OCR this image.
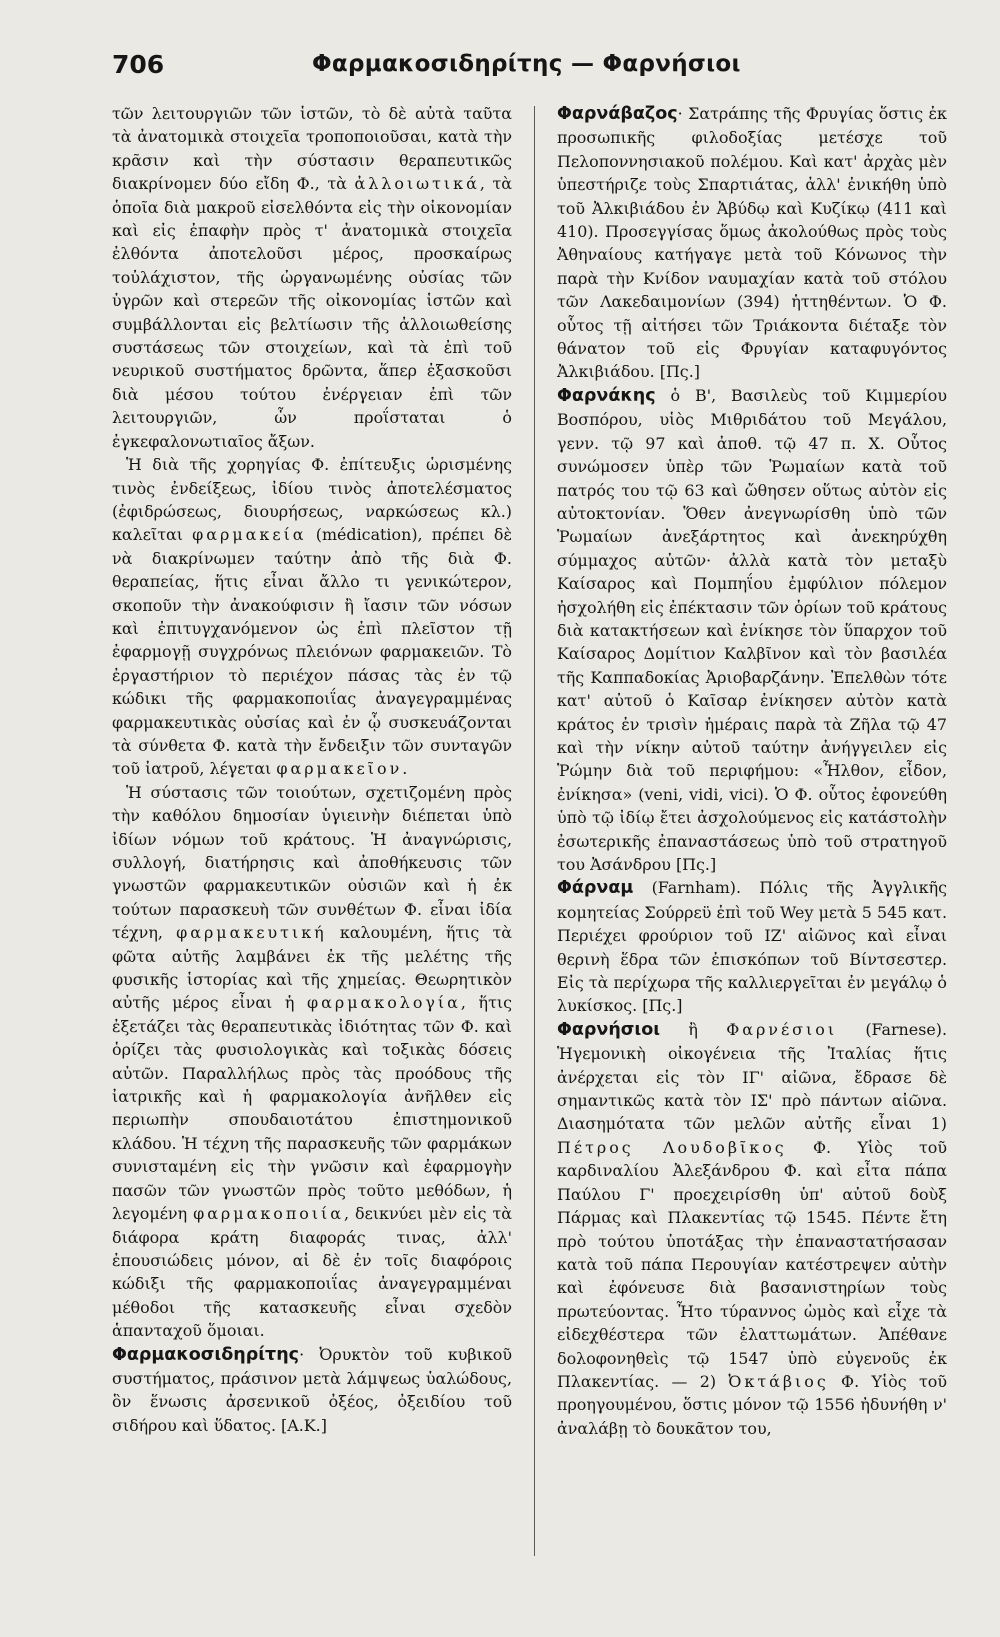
706	Φαρμακοσιδηρίτης — Φαρνήσιοι

τῶν λειτουργιῶν τῶν ἱστῶν, τὸ δὲ αὐτὰ ταῦτα τὰ ἀνατομικὰ στοιχεῖα τροποποιοῦσαι, κατὰ τὴν κρᾶσιν καὶ τὴν σύστασιν θεραπευτικῶς διακρίνομεν δύο εἴδη Φ., τὰ ἀλλοιωτικά, τὰ ὁποῖα διὰ μακροῦ εἰσελθόντα εἰς τὴν οἰκονομίαν καὶ εἰς ἐπαφὴν πρὸς τ' ἀνατομικὰ στοιχεῖα ἐλθόντα ἀποτελοῦσι μέρος, προσκαίρως τοὐλάχιστον, τῆς ὠργανωμένης οὐσίας τῶν ὑγρῶν καὶ στερεῶν τῆς οἰκονομίας ἱστῶν καὶ συμβάλλονται εἰς βελτίωσιν τῆς ἀλλοιωθείσης συστάσεως τῶν στοιχείων, καὶ τὰ ἐπὶ τοῦ νευρικοῦ συστήματος δρῶντα, ἅπερ ἐξασκοῦσι διὰ μέσου τούτου ἐνέργειαν ἐπὶ τῶν λειτουργιῶν, ὧν προΐσταται ὁ ἐγκεφαλονωτιαῖος ἄξων.

Ἡ διὰ τῆς χορηγίας Φ. ἐπίτευξις ὡρισμένης τινὸς ἐνδείξεως, ἰδίου τινὸς ἀποτελέσματος (ἐφιδρώσεως, διουρήσεως, ναρκώσεως κλ.) καλεῖται φαρμακεία (médication), πρέπει δὲ νὰ διακρίνωμεν ταύτην ἀπὸ τῆς διὰ Φ. θεραπείας, ἥτις εἶναι ἄλλο τι γενικώτερον, σκοποῦν τὴν ἀνακούφισιν ἢ ἴασιν τῶν νόσων καὶ ἐπιτυγχανόμενον ὡς ἐπὶ πλεῖστον τῇ ἐφαρμογῇ συγχρόνως πλειόνων φαρμακειῶν. Τὸ ἐργαστήριον τὸ περιέχον πάσας τὰς ἐν τῷ κώδικι τῆς φαρμακοποιΐας ἀναγεγραμμένας φαρμακευτικὰς οὐσίας καὶ ἐν ᾧ συσκευάζονται τὰ σύνθετα Φ. κατὰ τὴν ἔνδειξιν τῶν συνταγῶν τοῦ ἰατροῦ, λέγεται φαρμακεῖον.

Ἡ σύστασις τῶν τοιούτων, σχετιζομένη πρὸς τὴν καθόλου δημοσίαν ὑγιεινὴν διέπεται ὑπὸ ἰδίων νόμων τοῦ κράτους. Ἡ ἀναγνώρισις, συλλογή, διατήρησις καὶ ἀποθήκευσις τῶν γνωστῶν φαρμακευτικῶν οὐσιῶν καὶ ἡ ἐκ τούτων παρασκευὴ τῶν συνθέτων Φ. εἶναι ἰδία τέχνη, φαρμακευτική καλουμένη, ἥτις τὰ φῶτα αὐτῆς λαμβάνει ἐκ τῆς μελέτης τῆς φυσικῆς ἱστορίας καὶ τῆς χημείας. Θεωρητικὸν αὐτῆς μέρος εἶναι ἡ φαρμακολογία, ἥτις ἐξετάζει τὰς θεραπευτικὰς ἰδιότητας τῶν Φ. καὶ ὁρίζει τὰς φυσιολογικὰς καὶ τοξικὰς δόσεις αὐτῶν. Παραλλήλως πρὸς τὰς προόδους τῆς ἰατρικῆς καὶ ἡ φαρμακολογία ἀνῆλθεν εἰς περιωπὴν σπουδαιοτάτου ἐπιστημονικοῦ κλάδου. Ἡ τέχνη τῆς παρασκευῆς τῶν φαρμάκων συνισταμένη εἰς τὴν γνῶσιν καὶ ἐφαρμογὴν πασῶν τῶν γνωστῶν πρὸς τοῦτο μεθόδων, ἡ λεγομένη φαρμακοποιία, δεικνύει μὲν εἰς τὰ διάφορα κράτη διαφοράς τινας, ἀλλ' ἐπουσιώδεις μόνον, αἱ δὲ ἐν τοῖς διαφόροις κώδιξι τῆς φαρμακοποιΐας ἀναγεγραμμέναι μέθοδοι τῆς κατασκευῆς εἶναι σχεδὸν ἁπανταχοῦ ὅμοιαι.

Φαρμακοσιδηρίτης· Ὀρυκτὸν τοῦ κυβικοῦ συστήματος, πράσινον μετὰ λάμψεως ὑαλώδους, ὃν ἕνωσις ἀρσενικοῦ ὀξέος, ὀξειδίου τοῦ σιδήρου καὶ ὕδατος. [Α.Κ.]

Φαρνάβαζος· Σατράπης τῆς Φρυγίας ὅστις ἐκ προσωπικῆς φιλοδοξίας μετέσχε τοῦ Πελοποννησιακοῦ πολέμου. Καὶ κατ' ἀρχὰς μὲν ὑπεστήριζε τοὺς Σπαρτιάτας, ἀλλ' ἐνικήθη ὑπὸ τοῦ Ἀλκιβιάδου ἐν Ἀβύδῳ καὶ Κυζίκῳ (411 καὶ 410). Προσεγγίσας ὅμως ἀκολούθως πρὸς τοὺς Ἀθηναίους κατήγαγε μετὰ τοῦ Κόνωνος τὴν παρὰ τὴν Κνίδον ναυμαχίαν κατὰ τοῦ στόλου τῶν Λακεδαιμονίων (394) ἡττηθέντων. Ὁ Φ. οὗτος τῇ αἰτήσει τῶν Τριάκοντα διέταξε τὸν θάνατον τοῦ εἰς Φρυγίαν καταφυγόντος Ἀλκιβιάδου. [Πς.]

Φαρνάκης ὁ Β', Βασιλεὺς τοῦ Κιμμερίου Βοσπόρου, υἱὸς Μιθριδάτου τοῦ Μεγάλου, γενν. τῷ 97 καὶ ἀποθ. τῷ 47 π. Χ. Οὗτος συνώμοσεν ὑπὲρ τῶν Ῥωμαίων κατὰ τοῦ πατρός του τῷ 63 καὶ ὤθησεν οὕτως αὐτὸν εἰς αὐτοκτονίαν. Ὅθεν ἀνεγνωρίσθη ὑπὸ τῶν Ῥωμαίων ἀνεξάρτητος καὶ ἀνεκηρύχθη σύμμαχος αὐτῶν· ἀλλὰ κατὰ τὸν μεταξὺ Καίσαρος καὶ Πομπηΐου ἐμφύλιον πόλεμον ἠσχολήθη εἰς ἐπέκτασιν τῶν ὁρίων τοῦ κράτους διὰ κατακτήσεων καὶ ἐνίκησε τὸν ὕπαρχον τοῦ Καίσαρος Δομίτιον Καλβῖνον καὶ τὸν βασιλέα τῆς Καππαδοκίας Ἀριοβαρζάνην. Ἐπελθὼν τότε κατ' αὐτοῦ ὁ Καῖσαρ ἐνίκησεν αὐτὸν κατὰ κράτος ἐν τρισὶν ἡμέραις παρὰ τὰ Ζῆλα τῷ 47 καὶ τὴν νίκην αὐτοῦ ταύτην ἀνήγγειλεν εἰς Ῥώμην διὰ τοῦ περιφήμου: «Ἦλθον, εἶδον, ἐνίκησα» (veni, vidi, vici). Ὁ Φ. οὗτος ἐφονεύθη ὑπὸ τῷ ἰδίῳ ἔτει ἀσχολούμενος εἰς κατάστολὴν ἐσωτερικῆς ἐπαναστάσεως ὑπὸ τοῦ στρατηγοῦ του Ἀσάνδρου [Πς.]

Φάρναμ (Farnham). Πόλις τῆς Ἀγγλικῆς κομητείας Σούρρεϋ ἐπὶ τοῦ Wey μετὰ 5 545 κατ. Περιέχει φρούριον τοῦ ΙΖ' αἰῶνος καὶ εἶναι θερινὴ ἕδρα τῶν ἐπισκόπων τοῦ Βίντσεστερ. Εἰς τὰ περίχωρα τῆς καλλιεργεῖται ἐν μεγάλῳ ὁ λυκίσκος. [Πς.]

Φαρνήσιοι ἢ Φαρνέσιοι (Farnese). Ἡγεμονικὴ οἰκογένεια τῆς Ἰταλίας ἥτις ἀνέρχεται εἰς τὸν ΙΓ' αἰῶνα, ἔδρασε δὲ σημαντικῶς κατὰ τὸν ΙΣ' πρὸ πάντων αἰῶνα. Διασημότατα τῶν μελῶν αὐτῆς εἶναι 1) Πέτρος Λουδοβῖκος Φ. Υἱὸς τοῦ καρδιναλίου Ἀλεξάνδρου Φ. καὶ εἶτα πάπα Παύλου Γ' προεχειρίσθη ὑπ' αὐτοῦ δοὺξ Πάρμας καὶ Πλακεντίας τῷ 1545. Πέντε ἔτη πρὸ τούτου ὑποτάξας τὴν ἐπαναστατήσασαν κατὰ τοῦ πάπα Περουγίαν κατέστρεψεν αὐτὴν καὶ ἐφόνευσε διὰ βασανιστηρίων τοὺς πρωτεύοντας. Ἦτο τύραννος ὠμὸς καὶ εἶχε τὰ εἰδεχθέστερα τῶν ἐλαττωμάτων. Ἀπέθανε δολοφονηθεὶς τῷ 1547 ὑπὸ εὐγενοῦς ἐκ Πλακεντίας. — 2) Ὀκτάβιος Φ. Υἱὸς τοῦ προηγουμένου, ὅστις μόνον τῷ 1556 ἠδυνήθη ν' ἀναλάβῃ τὸ δουκᾶτον του,
